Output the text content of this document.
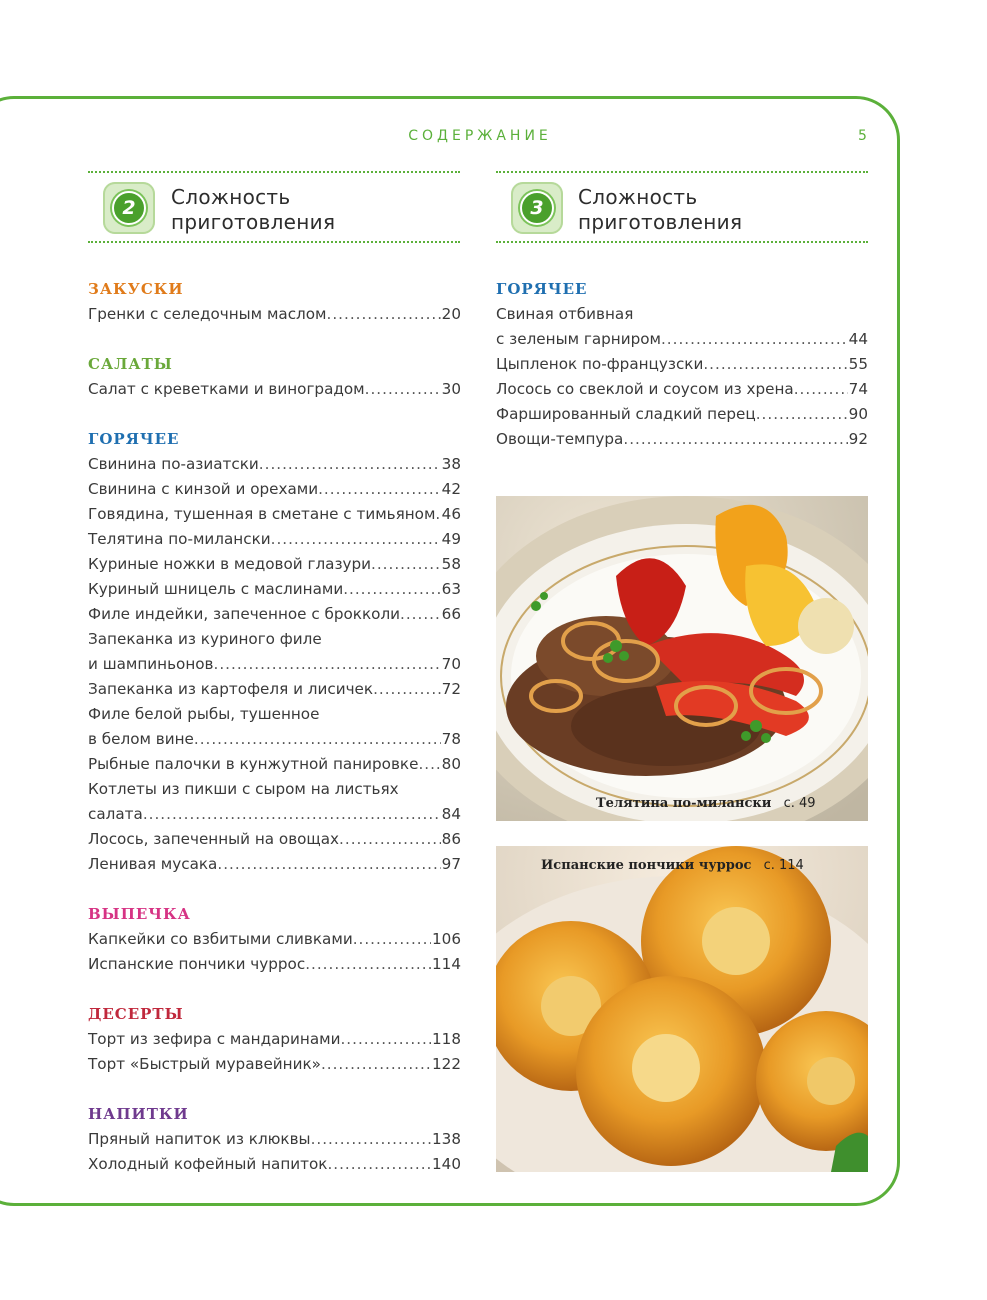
СОДЕРЖАНИЕ	5
2	Сложность
приготовления
3	Сложность
приготовления
ЗАКУСКИ
Гренки с селедочным маслом .....	20
САЛАТЫ
Салат с креветками и виноградом .....	30
ГОРЯЧЕЕ
Свинина по-азиатски .....	38
Свинина с кинзой и орехами .....	42
Говядина, тушенная в сметане с тимьяном ..... 46
Телятина по-милански .....	49
Куриные ножки в медовой глазури .....	58
Куриный шницель с маслинами .....	63
Филе индейки, запеченное с брокколи .....	66
Запеканка из куриного филе
и шампиньонов .....	70
Запеканка из картофеля и лисичек .....	72
Филе белой рыбы, тушенное
в белом вине .....	78
Рыбные палочки в кунжутной панировке ..... 80
Котлеты из пикши с сыром на листьях
салата .....	84
Лосось, запеченный на овощах .....	86
Ленивая мусака .....	97
ВЫПЕЧКА
Капкейки со взбитыми сливками .....	106
Испанские пончики чуррос .....	114
ДЕСЕРТЫ
Торт из зефира с мандаринами .....	118
Торт «Быстрый муравейник» .....	122
НАПИТКИ
Пряный напиток из клюквы .....	138
Холодный кофейный напиток .....	140
ГОРЯЧЕЕ
Свиная отбивная
с зеленым гарниром .....	44
Цыпленок по-французски .....	55
Лосось со свеклой и соусом из хрена .....	74
Фаршированный сладкий перец .....	90
Овощи-темпура .....	92
Телятина по-милански с. 49
Испанские пончики чуррос с. 114
